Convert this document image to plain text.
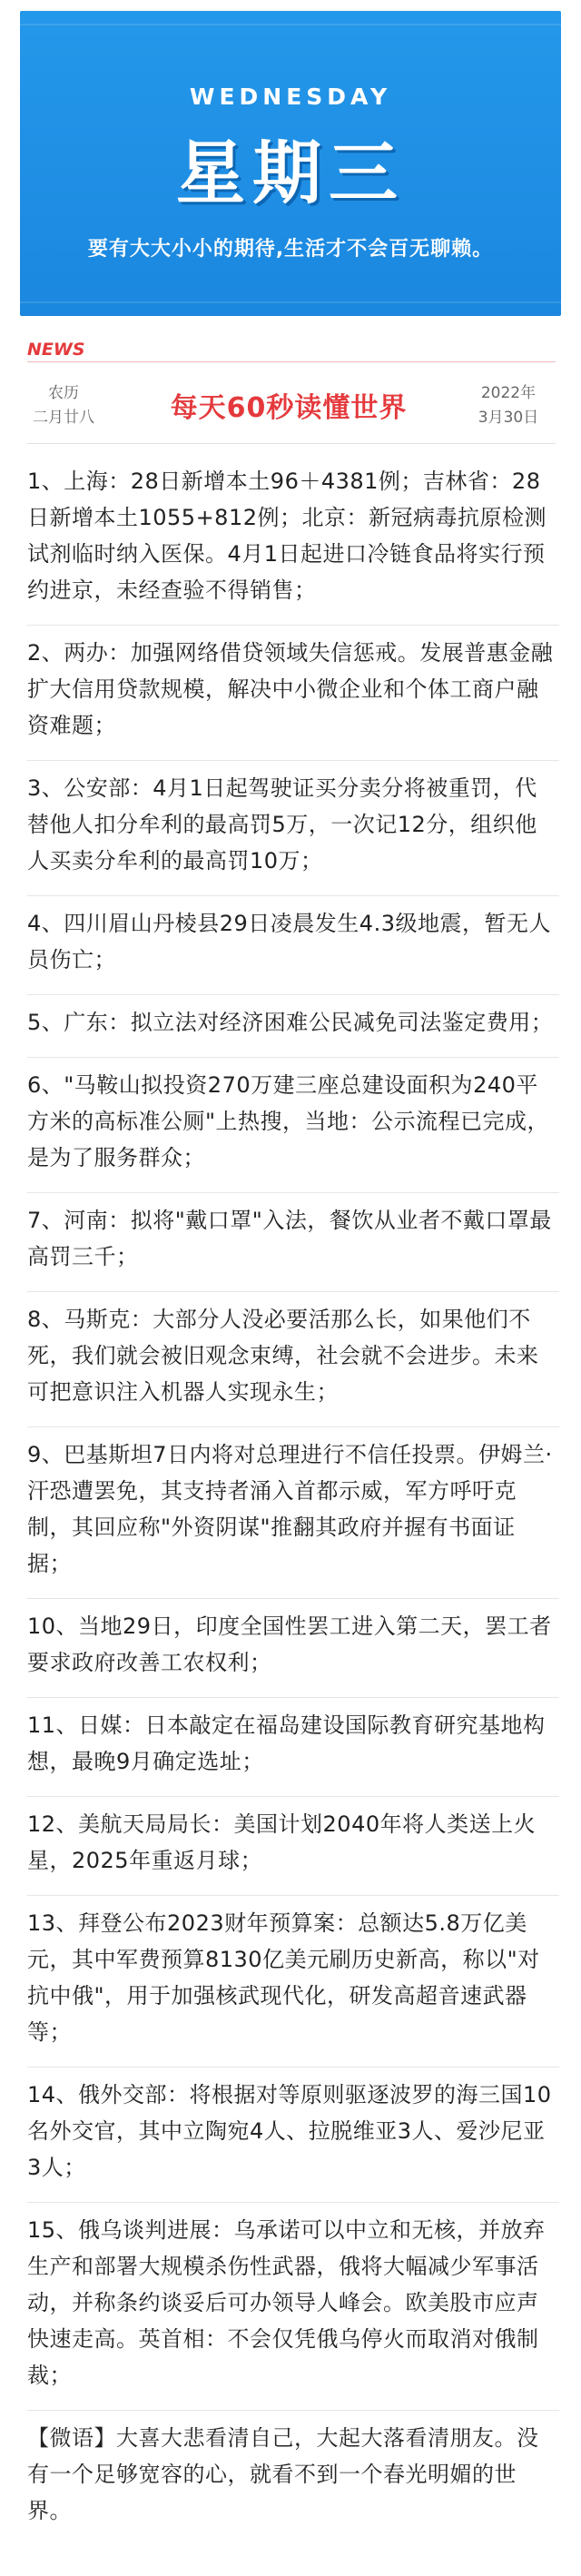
WEDNESDAY
星期三
要有大大小小的期待,生活才不会百无聊赖。
NEWS
农历
二月廿八	每天60秒读懂世界	2022年
3月30日
1、上海：28日新增本土96＋4381例；吉林省：28日新增本土1055+812例；北京：新冠病毒抗原检测试剂临时纳入医保。4月1日起进口冷链食品将实行预约进京，未经查验不得销售；
2、两办：加强网络借贷领域失信惩戒。发展普惠金融扩大信用贷款规模，解决中小微企业和个体工商户融资难题；
3、公安部：4月1日起驾驶证买分卖分将被重罚，代替他人扣分牟利的最高罚5万，一次记12分，组织他人买卖分牟利的最高罚10万；
4、四川眉山丹棱县29日凌晨发生4.3级地震，暂无人员伤亡；
5、广东：拟立法对经济困难公民减免司法鉴定费用；
6、"马鞍山拟投资270万建三座总建设面积为240平方米的高标准公厕"上热搜，当地：公示流程已完成，是为了服务群众；
7、河南：拟将"戴口罩"入法，餐饮从业者不戴口罩最高罚三千；
8、马斯克：大部分人没必要活那么长，如果他们不死，我们就会被旧观念束缚，社会就不会进步。未来可把意识注入机器人实现永生；
9、巴基斯坦7日内将对总理进行不信任投票。伊姆兰·汗恐遭罢免，其支持者涌入首都示威，军方呼吁克制，其回应称"外资阴谋"推翻其政府并握有书面证据；
10、当地29日，印度全国性罢工进入第二天，罢工者要求政府改善工农权利；
11、日媒：日本敲定在福岛建设国际教育研究基地构想，最晚9月确定选址；
12、美航天局局长：美国计划2040年将人类送上火星，2025年重返月球；
13、拜登公布2023财年预算案：总额达5.8万亿美元，其中军费预算8130亿美元刷历史新高，称以"对抗中俄"，用于加强核武现代化，研发高超音速武器等；
14、俄外交部：将根据对等原则驱逐波罗的海三国10名外交官，其中立陶宛4人、拉脱维亚3人、爱沙尼亚3人；
15、俄乌谈判进展：乌承诺可以中立和无核，并放弃生产和部署大规模杀伤性武器，俄将大幅减少军事活动，并称条约谈妥后可办领导人峰会。欧美股市应声快速走高。英首相：不会仅凭俄乌停火而取消对俄制裁；
【微语】大喜大悲看清自己，大起大落看清朋友。没有一个足够宽容的心，就看不到一个春光明媚的世界。
